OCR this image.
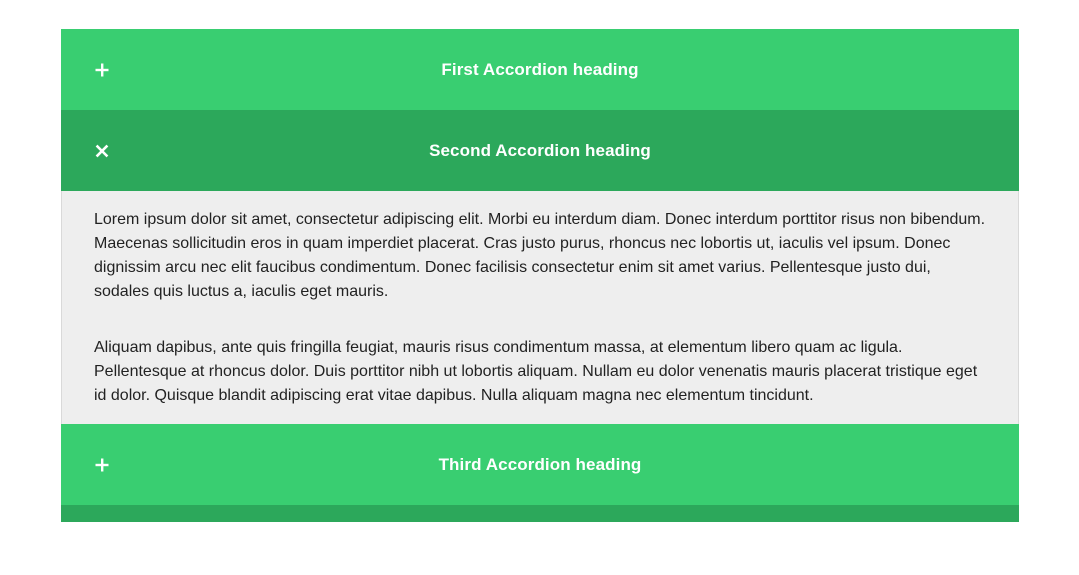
First Accordion heading
Second Accordion heading

Lorem ipsum dolor sit amet, consectetur adipiscing elit. Morbi eu interdum diam. Donec interdum porttitor risus non bibendum. Maecenas sollicitudin eros in quam imperdiet placerat. Cras justo purus, rhoncus nec lobortis ut, iaculis vel ipsum. Donec dignissim arcu nec elit faucibus condimentum. Donec facilisis consectetur enim sit amet varius. Pellentesque justo dui, sodales quis luctus a, iaculis eget mauris.

Aliquam dapibus, ante quis fringilla feugiat, mauris risus condimentum massa, at elementum libero quam ac ligula. Pellentesque at rhoncus dolor. Duis porttitor nibh ut lobortis aliquam. Nullam eu dolor venenatis mauris placerat tristique eget id dolor. Quisque blandit adipiscing erat vitae dapibus. Nulla aliquam magna nec elementum tincidunt.

Third Accordion heading
